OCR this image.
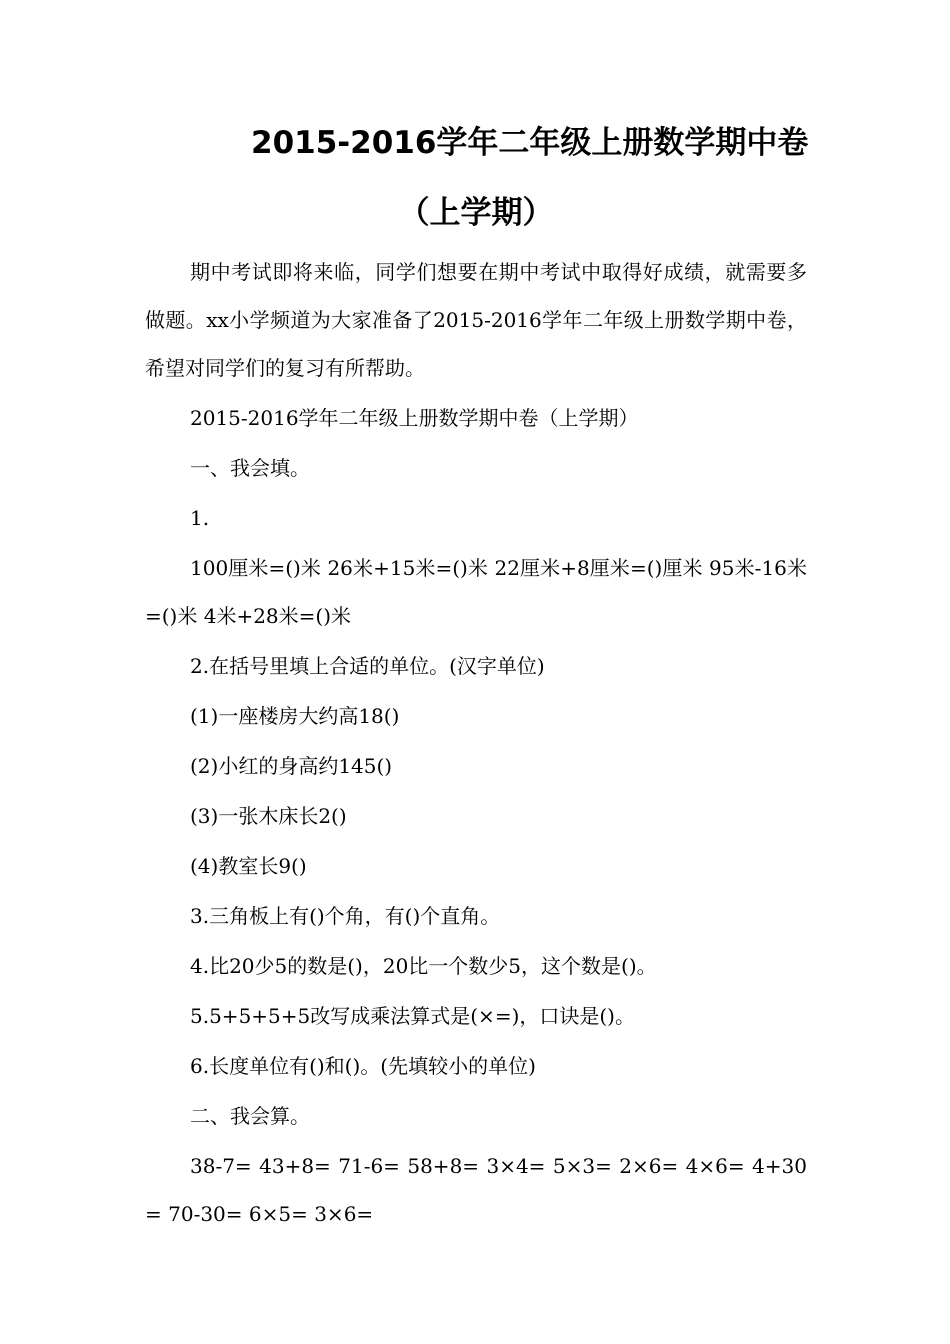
2015-2016学年二年级上册数学期中卷
（上学期）

期中考试即将来临，同学们想要在期中考试中取得好成绩，就需要多做题。xx小学频道为大家准备了2015-2016学年二年级上册数学期中卷，希望对同学们的复习有所帮助。

2015-2016学年二年级上册数学期中卷（上学期）

一、我会填。

1.

100厘米=()米 26米+15米=()米 22厘米+8厘米=()厘米 95米-16米=()米 4米+28米=()米

2.在括号里填上合适的单位。(汉字单位)

(1)一座楼房大约高18()

(2)小红的身高约145()

(3)一张木床长2()

(4)教室长9()

3.三角板上有()个角，有()个直角。

4.比20少5的数是()，20比一个数少5，这个数是()。

5.5+5+5+5改写成乘法算式是(×=)，口诀是()。

6.长度单位有()和()。(先填较小的单位)

二、我会算。

38-7= 43+8= 71-6= 58+8= 3×4= 5×3= 2×6= 4×6= 4+30= 70-30= 6×5= 3×6=
